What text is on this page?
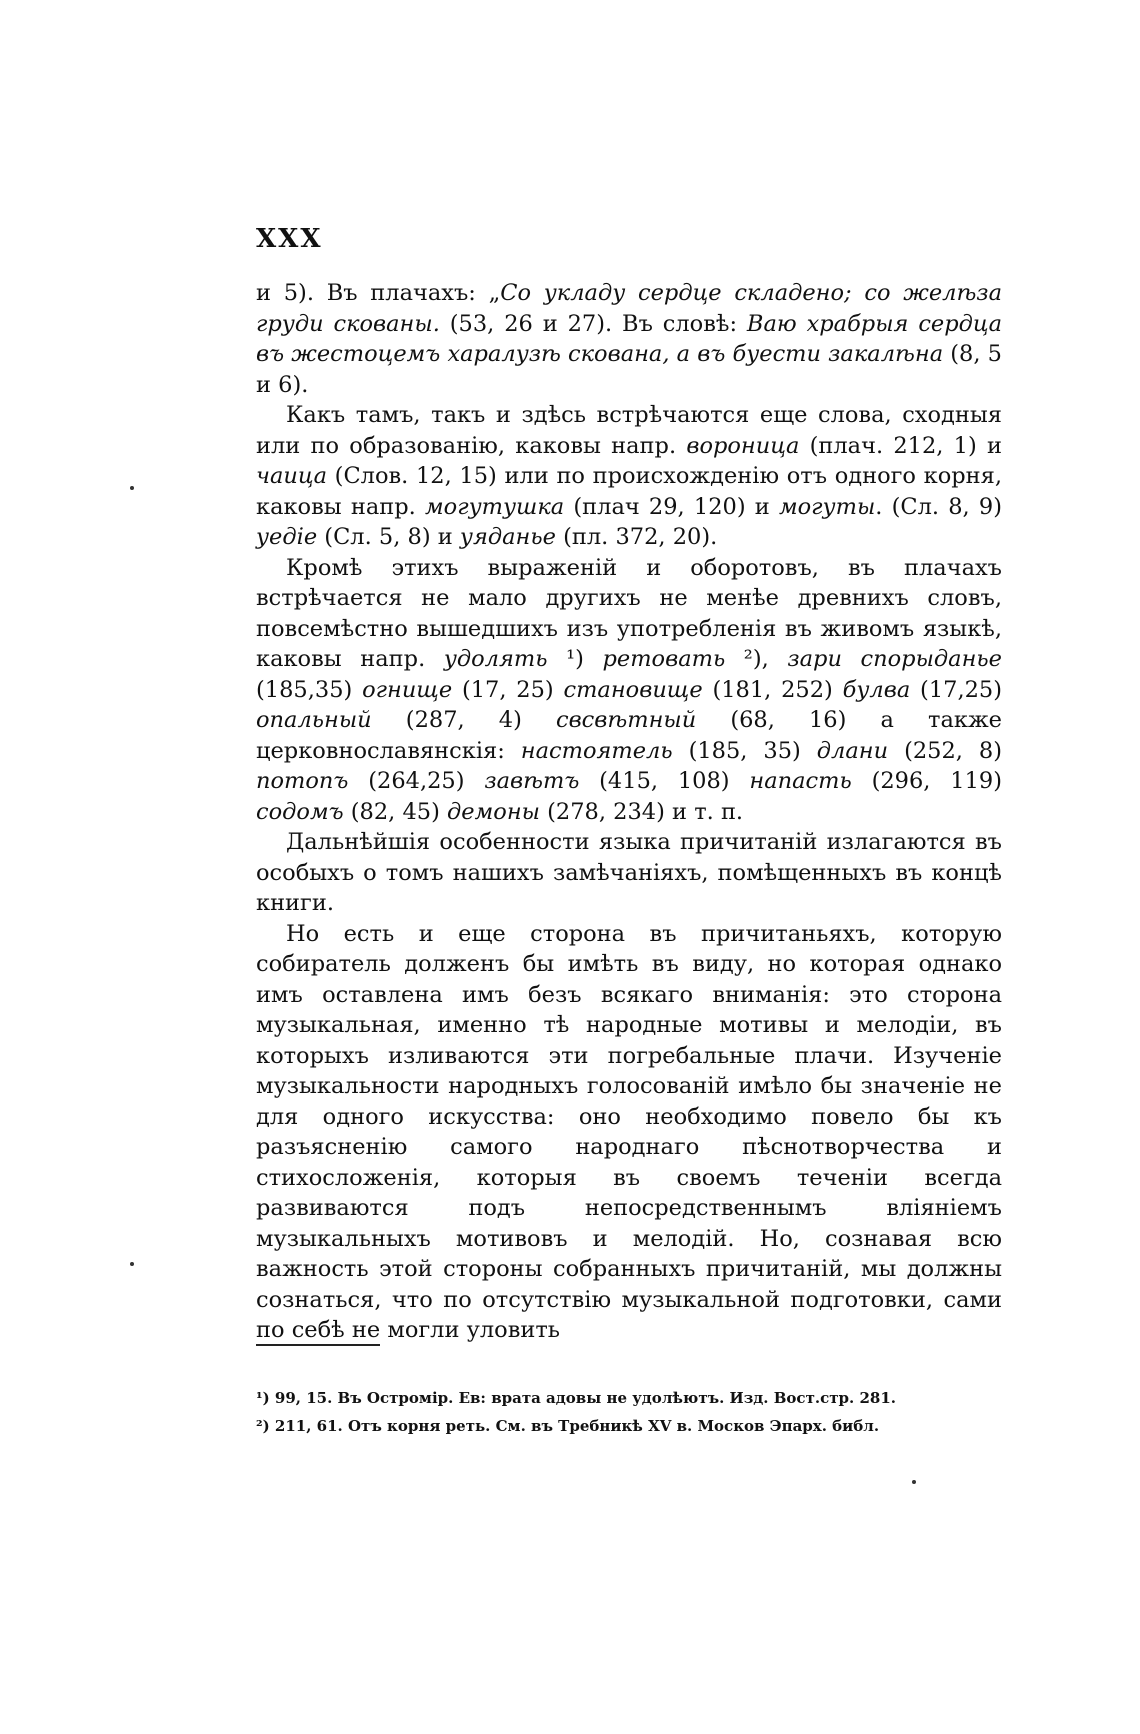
XXX

и 5). Въ плачахъ: „Со укладу сердце складено; со желѣза груди скованы. (53, 26 и 27). Въ словѣ: Ваю храбрыя сердца въ жестоцемъ харалузѣ скована, а въ буести закалѣна (8, 5 и 6).

Какъ тамъ, такъ и здѣсь встрѣчаются еще слова, сходныя или по образованію, каковы напр. вороница (плач. 212, 1) и чаица (Слов. 12, 15) или по происхожденію отъ одного корня, каковы напр. могутушка (плач 29, 120) и могуты. (Сл. 8, 9) уедіе (Сл. 5, 8) и уяданье (пл. 372, 20).

Кромѣ этихъ выраженій и оборотовъ, въ плачахъ встрѣчается не мало другихъ не менѣе древнихъ словъ, повсемѣстно вышедшихъ изъ употребленія въ живомъ языкѣ, каковы напр. удолять ¹) ретовать ²), зари спорыданье (185,35) огнище (17, 25) становище (181, 252) булва (17,25) опальный (287, 4) свсвѣтный (68, 16) а также церковнославянскія: настоятель (185, 35) длани (252, 8) потопъ (264,25) завѣтъ (415, 108) напасть (296, 119) содомъ (82, 45) демоны (278, 234) и т. п.

Дальнѣйшія особенности языка причитаній излагаются въ особыхъ о томъ нашихъ замѣчаніяхъ, помѣщенныхъ въ концѣ книги.

Но есть и еще сторона въ причитаньяхъ, которую собиратель долженъ бы имѣть въ виду, но которая однако имъ оставлена имъ безъ всякаго вниманія: это сторона музыкальная, именно тѣ народные мотивы и мелодіи, въ которыхъ изливаются эти погребальные плачи. Изученіе музыкальности народныхъ голосованій имѣло бы значеніе не для одного искусства: оно необходимо повело бы къ разъясненію самого народнаго пѣснотворчества и стихосложенія, которыя въ своемъ теченіи всегда развиваются подъ непосредственнымъ вліяніемъ музыкальныхъ мотивовъ и мелодій. Но, сознавая всю важность этой стороны собранныхъ причитаній, мы должны сознаться, что по отсутствію музыкальной подготовки, сами по себѣ не могли уловить

¹) 99, 15. Въ Остромір. Ев: врата адовы не удолѣютъ. Изд. Вост.стр. 281.
²) 211, 61. Отъ корня реть. См. въ Требникѣ XV в. Москов Эпарх. библ.
